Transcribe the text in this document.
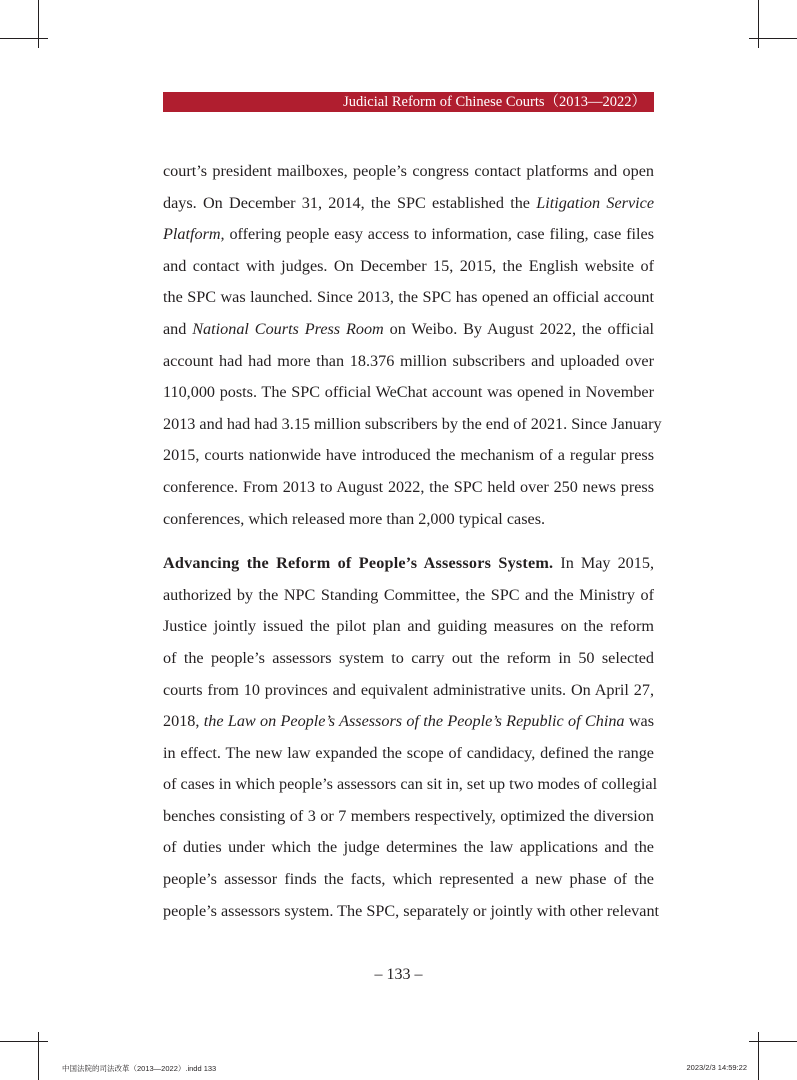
Judicial Reform of Chinese Courts（2013—2022）
court’s president mailboxes, people’s congress contact platforms and open
days. On December 31, 2014, the SPC established the Litigation Service
Platform, offering people easy access to information, case filing, case files
and contact with judges. On December 15, 2015, the English website of
the SPC was launched. Since 2013, the SPC has opened an official account
and National Courts Press Room on Weibo. By August 2022, the official
account had had more than 18.376 million subscribers and uploaded over
110,000 posts. The SPC official WeChat account was opened in November
2013 and had had 3.15 million subscribers by the end of 2021. Since January
2015, courts nationwide have introduced the mechanism of a regular press
conference. From 2013 to August 2022, the SPC held over 250 news press
conferences, which released more than 2,000 typical cases.
Advancing the Reform of People’s Assessors System. In May 2015,
authorized by the NPC Standing Committee, the SPC and the Ministry of
Justice jointly issued the pilot plan and guiding measures on the reform
of the people’s assessors system to carry out the reform in 50 selected
courts from 10 provinces and equivalent administrative units. On April 27,
2018, the Law on People’s Assessors of the People’s Republic of China was
in effect. The new law expanded the scope of candidacy, defined the range
of cases in which people’s assessors can sit in, set up two modes of collegial
benches consisting of 3 or 7 members respectively, optimized the diversion
of duties under which the judge determines the law applications and the
people’s assessor finds the facts, which represented a new phase of the
people’s assessors system. The SPC, separately or jointly with other relevant
– 133 –
中国法院的司法改革（2013—2022）.indd 133	2023/2/3 14:59:22
